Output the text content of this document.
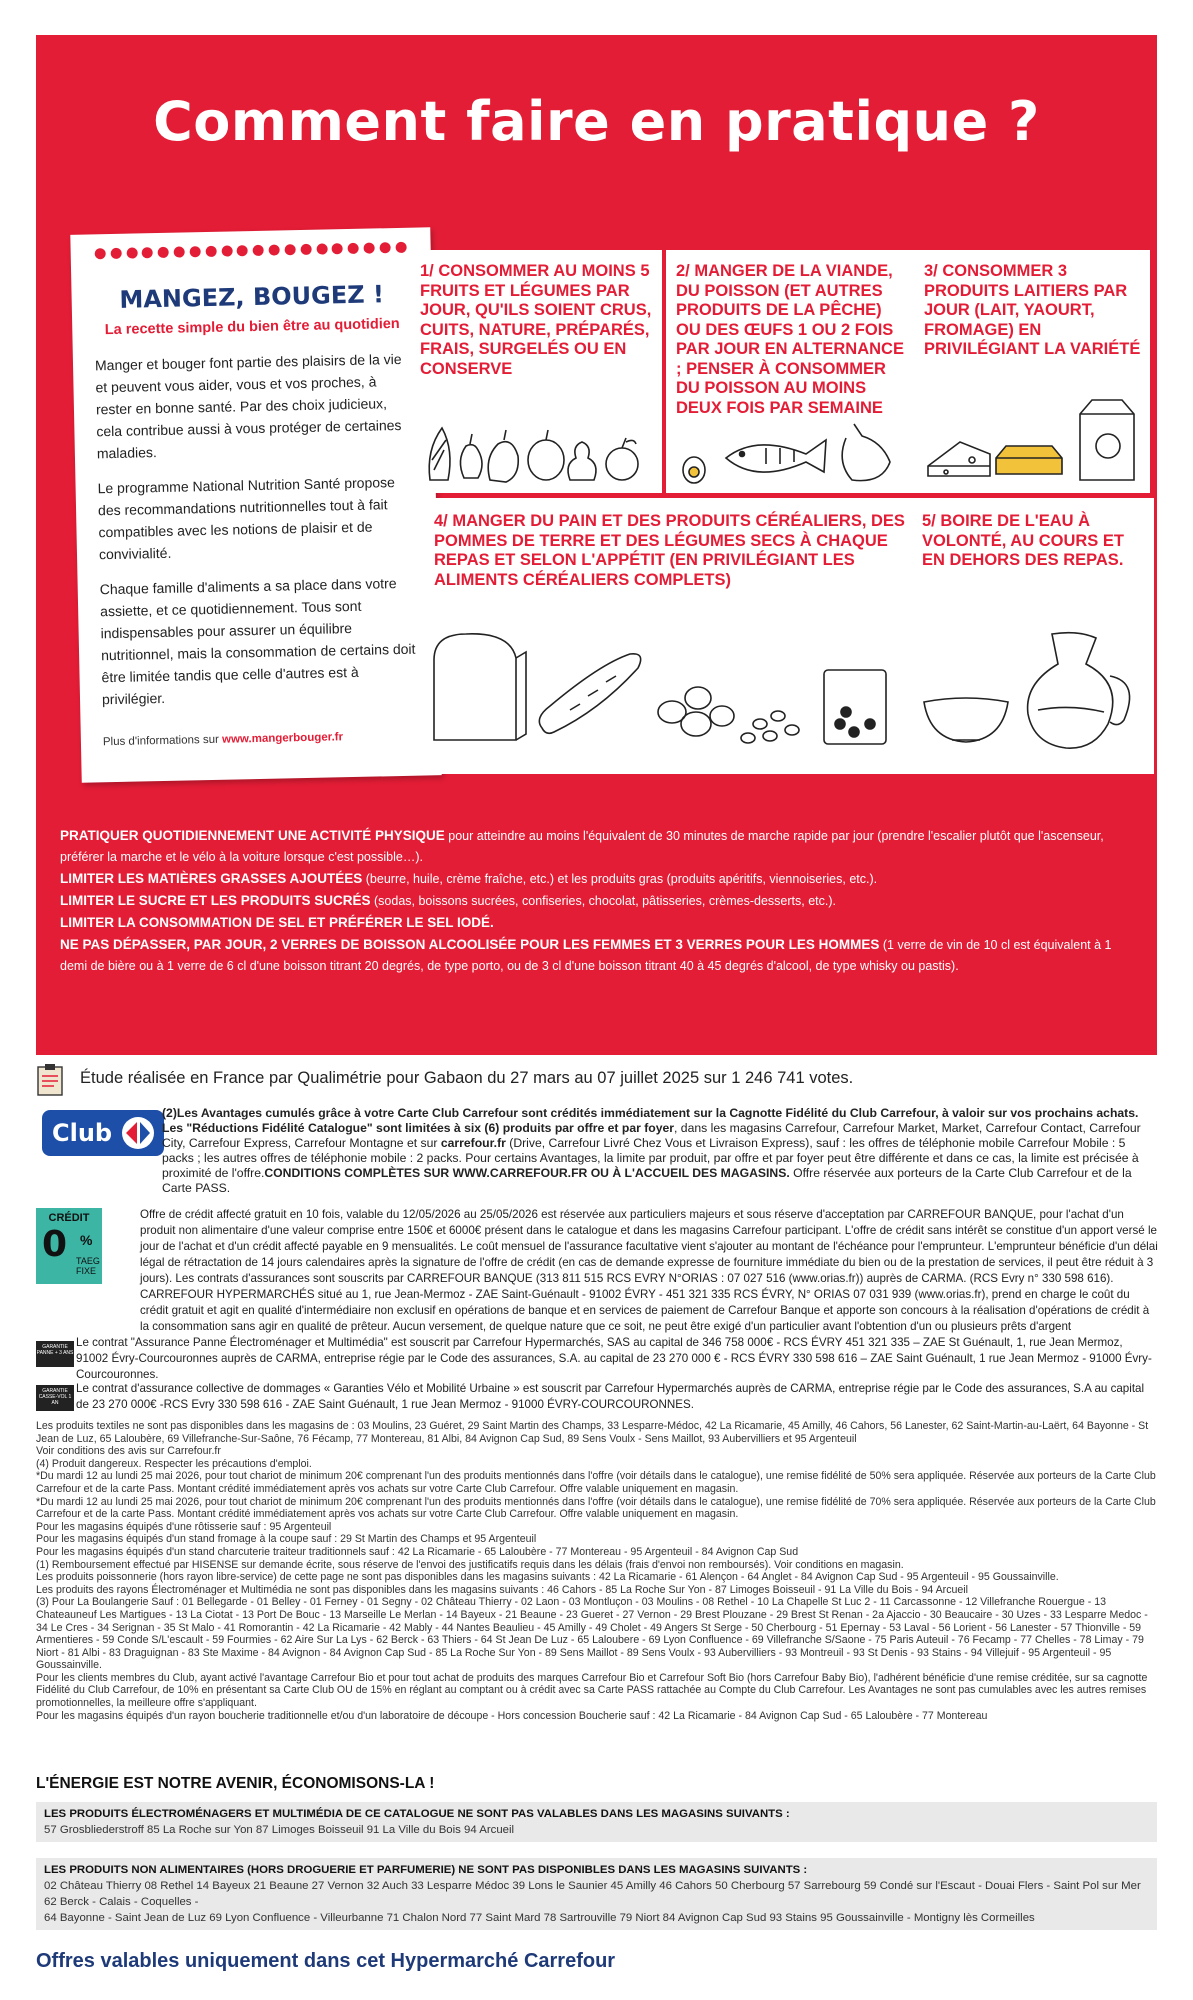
Comment faire en pratique ?
MANGEZ, BOUGEZ !
La recette simple du bien être au quotidien

Manger et bouger font partie des plaisirs de la vie et peuvent vous aider, vous et vos proches, à rester en bonne santé. Par des choix judicieux, cela contribue aussi à vous protéger de certaines maladies.

Le programme National Nutrition Santé propose des recommandations nutritionnelles tout à fait compatibles avec les notions de plaisir et de convivialité.

Chaque famille d'aliments a sa place dans votre assiette, et ce quotidiennement. Tous sont indispensables pour assurer un équilibre nutritionnel, mais la consommation de certains doit être limitée tandis que celle d'autres est à privilégier.

Plus d'informations sur www.mangerbouger.fr
1/ CONSOMMER AU MOINS 5 FRUITS ET LÉGUMES PAR JOUR, QU'ILS SOIENT CRUS, CUITS, NATURE, PRÉPARÉS, FRAIS, SURGELÉS OU EN CONSERVE
2/ MANGER DE LA VIANDE, DU POISSON (ET AUTRES PRODUITS DE LA PÊCHE) OU DES ŒUFS 1 OU 2 FOIS PAR JOUR EN ALTERNANCE ; PENSER À CONSOMMER DU POISSON AU MOINS DEUX FOIS PAR SEMAINE
3/ CONSOMMER 3 PRODUITS LAITIERS PAR JOUR (LAIT, YAOURT, FROMAGE) EN PRIVILÉGIANT LA VARIÉTÉ
4/ MANGER DU PAIN ET DES PRODUITS CÉRÉALIERS, DES POMMES DE TERRE ET DES LÉGUMES SECS À CHAQUE REPAS ET SELON L'APPÉTIT (EN PRIVILÉGIANT LES ALIMENTS CÉRÉALIERS COMPLETS)
5/ BOIRE DE L'EAU À VOLONTÉ, AU COURS ET EN DEHORS DES REPAS.
PRATIQUER QUOTIDIENNEMENT UNE ACTIVITÉ PHYSIQUE pour atteindre au moins l'équivalent de 30 minutes de marche rapide par jour (prendre l'escalier plutôt que l'ascenseur, préférer la marche et le vélo à la voiture lorsque c'est possible…).
LIMITER LES MATIÈRES GRASSES AJOUTÉES (beurre, huile, crème fraîche, etc.) et les produits gras (produits apéritifs, viennoiseries, etc.).
LIMITER LE SUCRE ET LES PRODUITS SUCRÉS (sodas, boissons sucrées, confiseries, chocolat, pâtisseries, crèmes-desserts, etc.).
LIMITER LA CONSOMMATION DE SEL ET PRÉFÉRER LE SEL IODÉ.
NE PAS DÉPASSER, PAR JOUR, 2 VERRES DE BOISSON ALCOOLISÉE POUR LES FEMMES ET 3 VERRES POUR LES HOMMES (1 verre de vin de 10 cl est équivalent à 1 demi de bière ou à 1 verre de 6 cl d'une boisson titrant 20 degrés, de type porto, ou de 3 cl d'une boisson titrant 40 à 45 degrés d'alcool, de type whisky ou pastis).
Étude réalisée en France par Qualimétrie pour Gabaon du 27 mars au 07 juillet 2025 sur 1 246 741 votes.
Club
(2)Les Avantages cumulés grâce à votre Carte Club Carrefour sont crédités immédiatement sur la Cagnotte Fidélité du Club Carrefour, à valoir sur vos prochains achats.
Les "Réductions Fidélité Catalogue" sont limitées à six (6) produits par offre et par foyer, dans les magasins Carrefour, Carrefour Market, Market, Carrefour Contact, Carrefour City, Carrefour Express, Carrefour Montagne et sur carrefour.fr (Drive, Carrefour Livré Chez Vous et Livraison Express), sauf : les offres de téléphonie mobile Carrefour Mobile : 5 packs ; les autres offres de téléphonie mobile : 2 packs. Pour certains Avantages, la limite par produit, par offre et par foyer peut être différente et dans ce cas, la limite est précisée à proximité de l'offre.CONDITIONS COMPLÈTES SUR WWW.CARREFOUR.FR OU À L'ACCUEIL DES MAGASINS. Offre réservée aux porteurs de la Carte Club Carrefour et de la Carte PASS.
CRÉDIT
0 %
TAEG FIXE
Offre de crédit affecté gratuit en 10 fois, valable du 12/05/2026 au 25/05/2026 est réservée aux particuliers majeurs et sous réserve d'acceptation par CARREFOUR BANQUE, pour l'achat d'un produit non alimentaire d'une valeur comprise entre 150€ et 6000€ présent dans le catalogue et dans les magasins Carrefour participant. L'offre de crédit sans intérêt se constitue d'un apport versé le jour de l'achat et d'un crédit affecté payable en 9 mensualités. Le coût mensuel de l'assurance facultative vient s'ajouter au montant de l'échéance pour l'emprunteur. L'emprunteur bénéficie d'un délai légal de rétractation de 14 jours calendaires après la signature de l'offre de crédit (en cas de demande expresse de fourniture immédiate du bien ou de la prestation de services, il peut être réduit à 3 jours). Les contrats d'assurances sont souscrits par CARREFOUR BANQUE (313 811 515 RCS EVRY N°ORIAS : 07 027 516 (www.orias.fr)) auprès de CARMA. (RCS Evry n° 330 598 616). CARREFOUR HYPERMARCHÉS situé au 1, rue Jean-Mermoz - ZAE Saint-Guénault - 91002 ÉVRY - 451 321 335 RCS ÉVRY, N° ORIAS 07 031 939 (www.orias.fr), prend en charge le coût du crédit gratuit et agit en qualité d'intermédiaire non exclusif en opérations de banque et en services de paiement de Carrefour Banque et apporte son concours à la réalisation d'opérations de crédit à la consommation sans agir en qualité de prêteur. Aucun versement, de quelque nature que ce soit, ne peut être exigé d'un particulier avant l'obtention d'un ou plusieurs prêts d'argent
GARANTIE PANNE + 3 ANS
Le contrat "Assurance Panne Électroménager et Multimédia" est souscrit par Carrefour Hypermarchés, SAS au capital de 346 758 000€ - RCS ÉVRY 451 321 335 – ZAE St Guénault, 1, rue Jean Mermoz, 91002 Évry-Courcouronnes auprès de CARMA, entreprise régie par le Code des assurances, S.A. au capital de 23 270 000 € - RCS ÉVRY 330 598 616 – ZAE Saint Guénault, 1 rue Jean Mermoz - 91000 Évry-Courcouronnes.
GARANTIE CASSE-VOL 1 AN
Le contrat d'assurance collective de dommages « Garanties Vélo et Mobilité Urbaine » est souscrit par Carrefour Hypermarchés auprès de CARMA, entreprise régie par le Code des assurances, S.A au capital de 23 270 000€ -RCS Evry 330 598 616 - ZAE Saint Guénault, 1 rue Jean Mermoz - 91000 ÉVRY-COURCOURONNES.

Les produits textiles ne sont pas disponibles dans les magasins de : 03 Moulins, 23 Guéret, 29 Saint Martin des Champs, 33 Lesparre-Médoc, 42 La Ricamarie, 45 Amilly, 46 Cahors, 56 Lanester, 62 Saint-Martin-au-Laërt, 64 Bayonne - St Jean de Luz, 65 Laloubère, 69 Villefranche-Sur-Saône, 76 Fécamp, 77 Montereau, 81 Albi, 84 Avignon Cap Sud, 89 Sens Voulx - Sens Maillot, 93 Aubervilliers et 95 Argenteuil

Voir conditions des avis sur Carrefour.fr

(4) Produit dangereux. Respecter les précautions d'emploi.

*Du mardi 12 au lundi 25 mai 2026, pour tout chariot de minimum 20€ comprenant l'un des produits mentionnés dans l'offre (voir détails dans le catalogue), une remise fidélité de 50% sera appliquée. Réservée aux porteurs de la Carte Club Carrefour et de la carte Pass. Montant crédité immédiatement après vos achats sur votre Carte Club Carrefour. Offre valable uniquement en magasin.

*Du mardi 12 au lundi 25 mai 2026, pour tout chariot de minimum 20€ comprenant l'un des produits mentionnés dans l'offre (voir détails dans le catalogue), une remise fidélité de 70% sera appliquée. Réservée aux porteurs de la Carte Club Carrefour et de la carte Pass. Montant crédité immédiatement après vos achats sur votre Carte Club Carrefour. Offre valable uniquement en magasin.

Pour les magasins équipés d'une rôtisserie sauf : 95 Argenteuil

Pour les magasins équipés d'un stand fromage à la coupe sauf : 29 St Martin des Champs et 95 Argenteuil

Pour les magasins équipés d'un stand charcuterie traiteur traditionnels sauf : 42 La Ricamarie - 65 Laloubère - 77 Montereau - 95 Argenteuil - 84 Avignon Cap Sud

(1) Remboursement effectué par HISENSE sur demande écrite, sous réserve de l'envoi des justificatifs requis dans les délais (frais d'envoi non remboursés). Voir conditions en magasin.

Les produits poissonnerie (hors rayon libre-service) de cette page ne sont pas disponibles dans les magasins suivants : 42 La Ricamarie - 61 Alençon - 64 Anglet - 84 Avignon Cap Sud - 95 Argenteuil - 95 Goussainville.

Les produits des rayons Électroménager et Multimédia ne sont pas disponibles dans les magasins suivants : 46 Cahors - 85 La Roche Sur Yon - 87 Limoges Boisseuil - 91 La Ville du Bois - 94 Arcueil

(3) Pour La Boulangerie Sauf : 01 Bellegarde - 01 Belley - 01 Ferney - 01 Segny - 02 Château Thierry - 02 Laon - 03 Montluçon - 03 Moulins - 08 Rethel - 10 La Chapelle St Luc 2 - 11 Carcassonne - 12 Villefranche Rouergue - 13 Chateauneuf Les Martigues - 13 La Ciotat - 13 Port De Bouc - 13 Marseille Le Merlan - 14 Bayeux - 21 Beaune - 23 Gueret - 27 Vernon - 29 Brest Plouzane - 29 Brest St Renan - 2a Ajaccio - 30 Beaucaire - 30 Uzes - 33 Lesparre Medoc - 34 Le Cres - 34 Serignan - 35 St Malo - 41 Romorantin - 42 La Ricamarie - 42 Mably - 44 Nantes Beaulieu - 45 Amilly - 49 Cholet - 49 Angers St Serge - 50 Cherbourg - 51 Epernay - 53 Laval - 56 Lorient - 56 Lanester - 57 Thionville - 59 Armentieres - 59 Conde S/L'escault - 59 Fourmies - 62 Aire Sur La Lys - 62 Berck - 63 Thiers - 64 St Jean De Luz - 65 Laloubere - 69 Lyon Confluence - 69 Villefranche S/Saone - 75 Paris Auteuil - 76 Fecamp - 77 Chelles - 78 Limay - 79 Niort - 81 Albi - 83 Draguignan - 83 Ste Maxime - 84 Avignon - 84 Avignon Cap Sud - 85 La Roche Sur Yon - 89 Sens Maillot - 89 Sens Voulx - 93 Aubervilliers - 93 Montreuil - 93 St Denis - 93 Stains - 94 Villejuif - 95 Argenteuil - 95 Goussainville.

Pour les clients membres du Club, ayant activé l'avantage Carrefour Bio et pour tout achat de produits des marques Carrefour Bio et Carrefour Soft Bio (hors Carrefour Baby Bio), l'adhérent bénéficie d'une remise créditée, sur sa cagnotte Fidélité du Club Carrefour, de 10% en présentant sa Carte Club OU de 15% en réglant au comptant ou à crédit avec sa Carte PASS rattachée au Compte du Club Carrefour. Les Avantages ne sont pas cumulables avec les autres remises promotionnelles, la meilleure offre s'appliquant.

Pour les magasins équipés d'un rayon boucherie traditionnelle et/ou d'un laboratoire de découpe - Hors concession Boucherie sauf : 42 La Ricamarie - 84 Avignon Cap Sud - 65 Laloubère - 77 Montereau

L'ÉNERGIE EST NOTRE AVENIR, ÉCONOMISONS-LA !
LES PRODUITS ÉLECTROMÉNAGERS ET MULTIMÉDIA DE CE CATALOGUE NE SONT PAS VALABLES DANS LES MAGASINS SUIVANTS :
57 Grosbliederstroff 85 La Roche sur Yon 87 Limoges Boisseuil 91 La Ville du Bois 94 Arcueil
LES PRODUITS NON ALIMENTAIRES (HORS DROGUERIE ET PARFUMERIE) NE SONT PAS DISPONIBLES DANS LES MAGASINS SUIVANTS :
02 Château Thierry 08 Rethel 14 Bayeux 21 Beaune 27 Vernon 32 Auch 33 Lesparre Médoc 39 Lons le Saunier 45 Amilly 46 Cahors 50 Cherbourg 57 Sarrebourg 59 Condé sur l'Escaut - Douai Flers - Saint Pol sur Mer 62 Berck - Calais - Coquelles -
64 Bayonne - Saint Jean de Luz 69 Lyon Confluence - Villeurbanne 71 Chalon Nord 77 Saint Mard 78 Sartrouville 79 Niort 84 Avignon Cap Sud 93 Stains 95 Goussainville - Montigny lès Cormeilles
Offres valables uniquement dans cet Hypermarché Carrefour
